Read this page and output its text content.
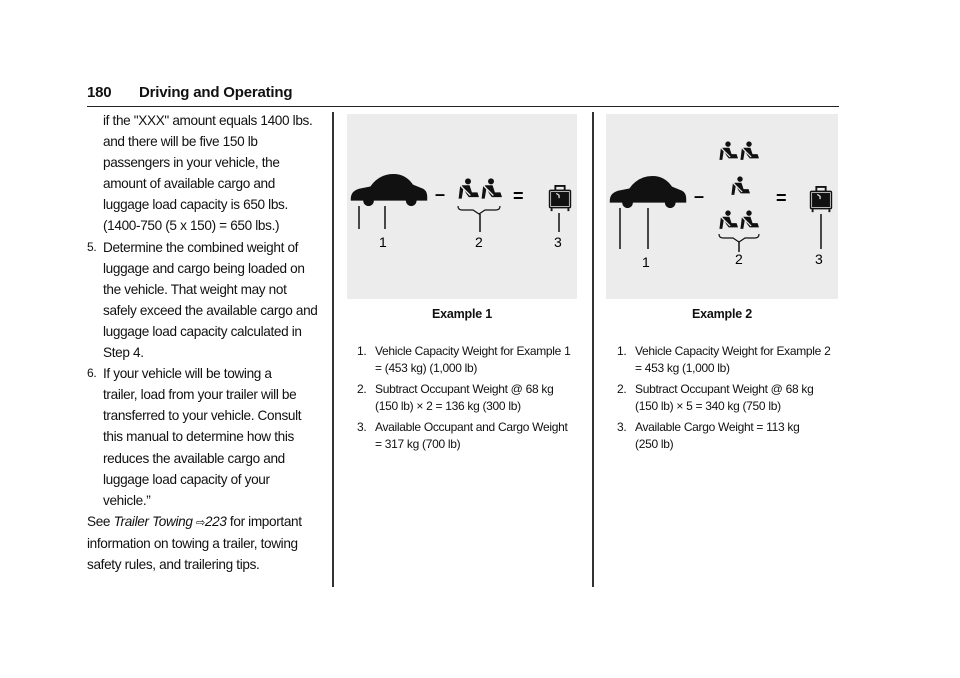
180 Driving and Operating
if the "XXX" amount equals 1400 lbs.
and there will be five 150 lb
passengers in your vehicle, the
amount of available cargo and
luggage load capacity is 650 lbs.
(1400-750 (5 x 150) = 650 lbs.)
5. Determine the combined weight of
luggage and cargo being loaded on
the vehicle. That weight may not
safely exceed the available cargo and
luggage load capacity calculated in
Step 4.
6. If your vehicle will be towing a
trailer, load from your trailer will be
transferred to your vehicle. Consult
this manual to determine how this
reduces the available cargo and
luggage load capacity of your
vehicle.”
See Trailer Towing ⇨223 for important
information on towing a trailer, towing
safety rules, and trailering tips.
–	=
1	2	3
Example 1
1. Vehicle Capacity Weight for Example 1
= (453 kg) (1,000 lb)
2. Subtract Occupant Weight @ 68 kg
(150 lb) × 2 = 136 kg (300 lb)
3. Available Occupant and Cargo Weight
= 317 kg (700 lb)
–	=
1	2	3
Example 2
1. Vehicle Capacity Weight for Example 2
= 453 kg (1,000 lb)
2. Subtract Occupant Weight @ 68 kg
(150 lb) × 5 = 340 kg (750 lb)
3. Available Cargo Weight = 113 kg
(250 lb)
